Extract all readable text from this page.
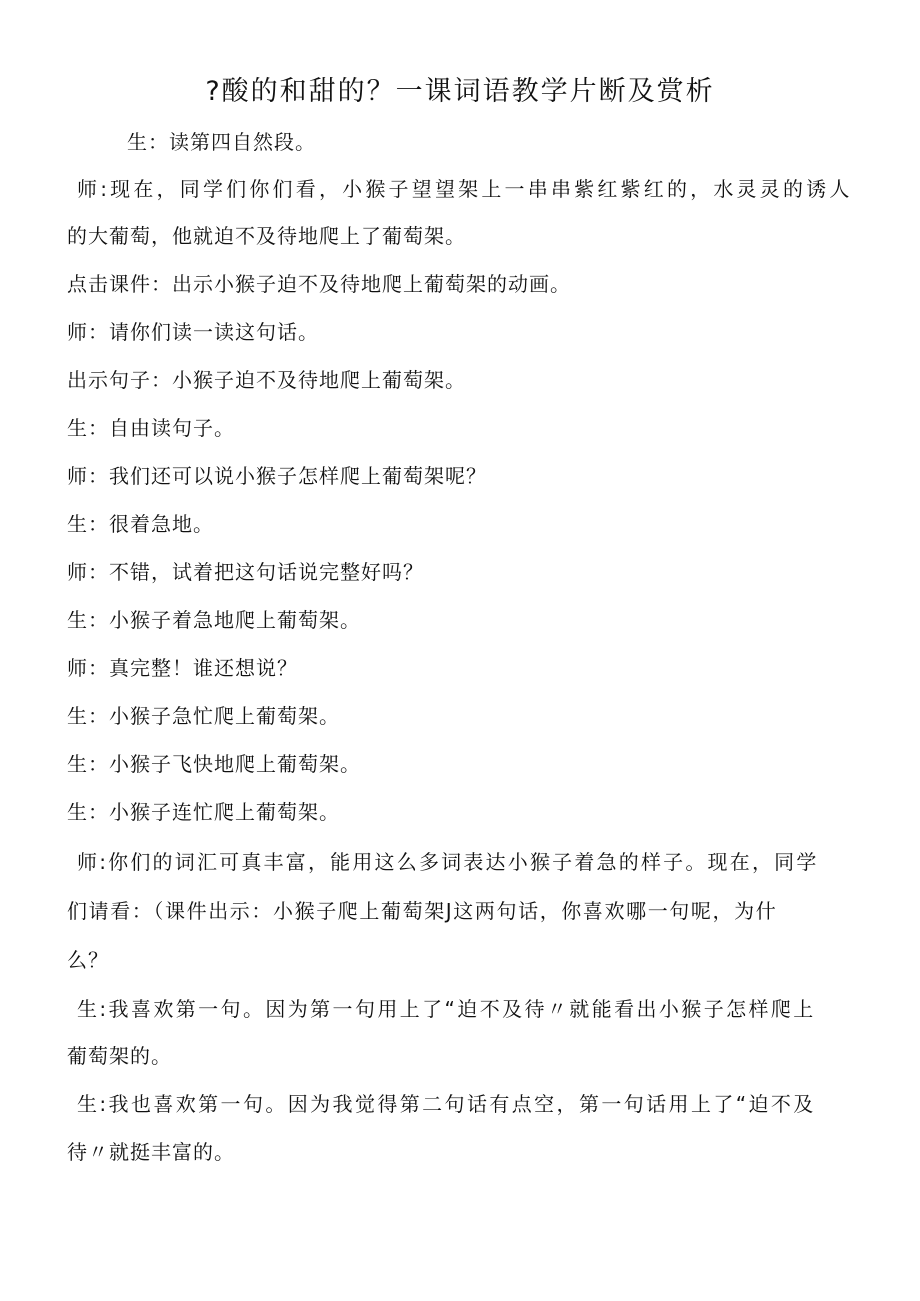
?酸的和甜的？一课词语教学片断及赏析
生：读第四自然段。
师:现在，同学们你们看，小猴子望望架上一串串紫红紫红的，水灵灵的诱人
的大葡萄，他就迫不及待地爬上了葡萄架。
点击课件：出示小猴子迫不及待地爬上葡萄架的动画。
师：请你们读一读这句话。
出示句子：小猴子迫不及待地爬上葡萄架。
生：自由读句子。
师：我们还可以说小猴子怎样爬上葡萄架呢？
生：很着急地。
师：不错，试着把这句话说完整好吗？
生：小猴子着急地爬上葡萄架。
师：真完整！谁还想说？
生：小猴子急忙爬上葡萄架。
生：小猴子飞快地爬上葡萄架。
生：小猴子连忙爬上葡萄架。
师:你们的词汇可真丰富，能用这么多词表达小猴子着急的样子。现在，同学
们请看：（课件出示：小猴子爬上葡萄架J这两句话，你喜欢哪一句呢，为什
么？
生:我喜欢第一句。因为第一句用上了“迫不及待〃就能看出小猴子怎样爬上
葡萄架的。
生:我也喜欢第一句。因为我觉得第二句话有点空，第一句话用上了“迫不及
待〃就挺丰富的。
